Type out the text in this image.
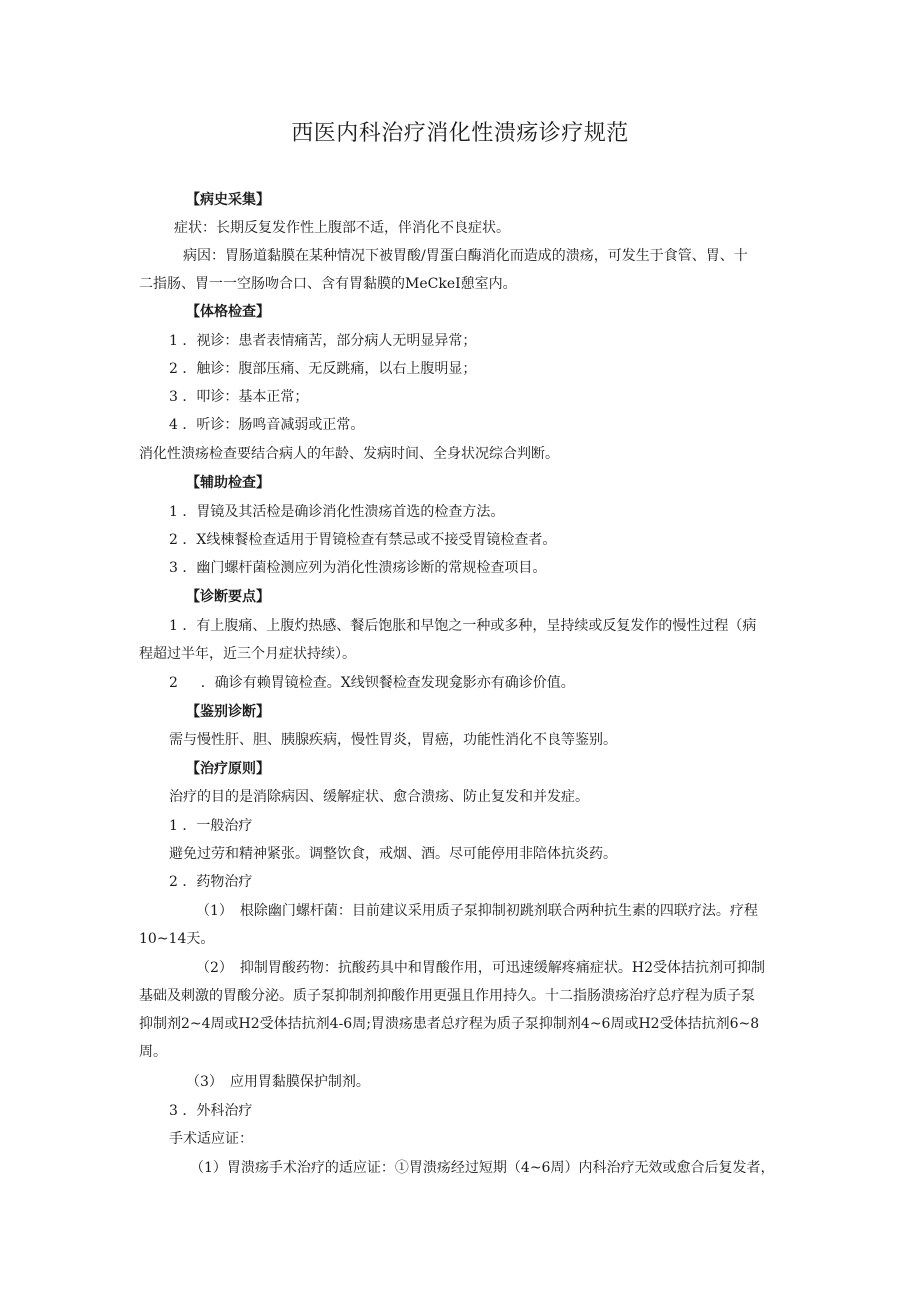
西医内科治疗消化性溃疡诊疗规范
【病史采集】
症状：长期反复发作性上腹部不适，伴消化不良症状。
病因：胃肠道黏膜在某种情况下被胃酸/胃蛋白酶消化而造成的溃疡，可发生于食管、胃、十
二指肠、胃一一空肠吻合口、含有胃黏膜的MeCkeI憩室内。
【体格检查】
1 ．视诊：患者表情痛苦，部分病人无明显异常；
2 ．触诊：腹部压痛、无反跳痛，以右上腹明显；
3 ．叩诊：基本正常；
4 ．听诊：肠鸣音减弱或正常。
消化性溃疡检查要结合病人的年龄、发病时间、全身状况综合判断。
【辅助检查】
1 ．胃镜及其活检是确诊消化性溃疡首选的检查方法。
2 ．X线棟餐检查适用于胃镜检查有禁忌或不接受胃镜检查者。
3 ．幽门螺杆菌检测应列为消化性溃疡诊断的常规检查项目。
【诊断要点】
1 ．有上腹痛、上腹灼热感、餐后饱胀和早饱之一种或多种，呈持续或反复发作的慢性过程（病
程超过半年，近三个月症状持续）。
2 　 ．确诊有赖胃镜检查。X线钡餐检查发现龛影亦有确诊价值。
【鉴别诊断】
需与慢性肝、胆、胰腺疾病，慢性胃炎，胃癌，功能性消化不良等鉴别。
【治疗原则】
治疗的目的是消除病因、缓解症状、愈合溃疡、防止复发和并发症。
1 ．一般治疗
避免过劳和精神紧张。调整饮食，戒烟、酒。尽可能停用非陪体抗炎药。
2 ．药物治疗
（1）　根除幽门螺杆菌：目前建议采用质子泵抑制初跳剂联合两种抗生素的四联疗法。疗程
10~14天。
（2）　抑制胃酸药物：抗酸药具中和胃酸作用，可迅速缓解疼痛症状。H2受体拮抗剂可抑制
基础及刺激的胃酸分泌。质子泵抑制剂抑酸作用更强且作用持久。十二指肠溃疡治疗总疗程为质子泵
抑制剂2~4周或H2受体拮抗剂4-6周;胃溃疡患者总疗程为质子泵抑制剂4~6周或H2受体拮抗剂6~8
周。
（3）　应用胃黏膜保护制剂。
3 ．外科治疗
手术适应证：
（1）胃溃疡手术治疗的适应证：①胃溃疡经过短期（4~6周）内科治疗无效或愈合后复发者，
